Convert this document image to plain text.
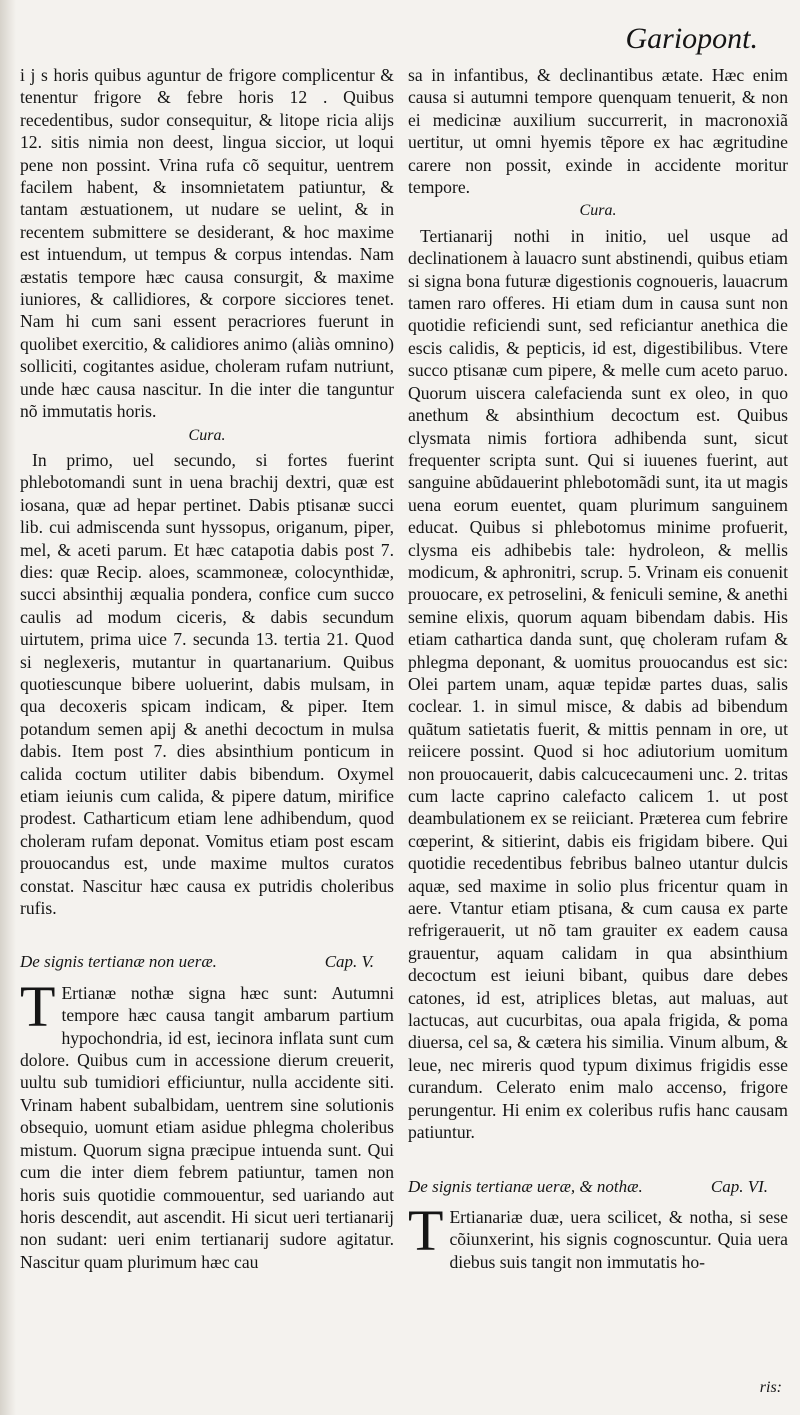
Gariopont.

i j s horis quibus aguntur de frigore complicentur & tenentur frigore & febre horis 12 . Quibus recedentibus, sudor consequitur, & litope ricia alijs 12. sitis nimia non deest, lingua siccior, ut loqui pene non possint. Vrina rufa cõ sequitur, uentrem facilem habent, & insomnietatem patiuntur, & tantam æstuationem, ut nudare se uelint, & in recentem submittere se desiderant, & hoc maxime est intuendum, ut tempus & corpus intendas. Nam æstatis tempore hæc causa consurgit, & maxime iuniores, & callidiores, & corpore sicciores tenet. Nam hi cum sani essent peracriores fuerunt in quolibet exercitio, & calidiores animo (aliàs omnino) solliciti, cogitantes asidue, choleram rufam nutriunt, unde hæc causa nascitur. In die inter die tanguntur nõ immutatis horis.

Cura.

In primo, uel secundo, si fortes fuerint phlebotomandi sunt in uena brachij dextri, quæ est iosana, quæ ad hepar pertinet. Dabis ptisanæ succi lib. cui admiscenda sunt hyssopus, origanum, piper, mel, & aceti parum. Et hæc catapotia dabis post 7. dies: quæ Recip. aloes, scammoneæ, colocynthidæ, succi absinthij æqualia pondera, confice cum succo caulis ad modum ciceris, & dabis secundum uirtutem, prima uice 7. secunda 13. tertia 21. Quod si neglexeris, mutantur in quartanarium. Quibus quotiescunque bibere uoluerint, dabis mulsam, in qua decoxeris spicam indicam, & piper. Item potandum semen apij & anethi decoctum in mulsa dabis. Item post 7. dies absinthium ponticum in calida coctum utiliter dabis bibendum. Oxymel etiam ieiunis cum calida, & pipere datum, mirifice prodest. Catharticum etiam lene adhibendum, quod choleram rufam deponat. Vomitus etiam post escam prouocandus est, unde maxime multos curatos constat. Nascitur hæc causa ex putridis choleribus rufis.

De signis tertianæ non ueræ.	Cap. V.
T Ertianæ nothæ signa hæc sunt: Autumni tempore hæc causa tangit ambarum partium hypochondria, id est, iecinora inflata sunt cum dolore. Quibus cum in accessione dierum creuerit, uultu sub tumidiori efficiuntur, nulla accidente siti. Vrinam habent subalbidam, uentrem sine solutionis obsequio, uomunt etiam asidue phlegma choleribus mistum. Quorum signa præcipue intuenda sunt. Qui cum die inter diem febrem patiuntur, tamen non horis suis quotidie commouentur, sed uariando aut horis descendit, aut ascendit. Hi sicut ueri tertianarij non sudant: ueri enim tertianarij sudore agitatur. Nascitur quam plurimum hæc cau

sa in infantibus, & declinantibus ætate. Hæc enim causa si autumni tempore quenquam tenuerit, & non ei medicinæ auxilium succurrerit, in macronoxiã uertitur, ut omni hyemis tẽpore ex hac ægritudine carere non possit, exinde in accidente moritur tempore.

Cura.

Tertianarij nothi in initio, uel usque ad declinationem à lauacro sunt abstinendi, quibus etiam si signa bona futuræ digestionis cognoueris, lauacrum tamen raro offeres. Hi etiam dum in causa sunt non quotidie reficiendi sunt, sed reficiantur anethica die escis calidis, & pepticis, id est, digestibilibus. Vtere succo ptisanæ cum pipere, & melle cum aceto paruo. Quorum uiscera calefacienda sunt ex oleo, in quo anethum & absinthium decoctum est. Quibus clysmata nimis fortiora adhibenda sunt, sicut frequenter scripta sunt. Qui si iuuenes fuerint, aut sanguine abũdauerint phlebotomãdi sunt, ita ut magis uena eorum euentet, quam plurimum sanguinem educat. Quibus si phlebotomus minime profuerit, clysma eis adhibebis tale: hydroleon, & mellis modicum, & aphronitri, scrup. 5. Vrinam eis conuenit prouocare, ex petroselini, & feniculi semine, & anethi semine elixis, quorum aquam bibendam dabis. His etiam cathartica danda sunt, quę choleram rufam & phlegma deponant, & uomitus prouocandus est sic: Olei partem unam, aquæ tepidæ partes duas, salis coclear. 1. in simul misce, & dabis ad bibendum quãtum satietatis fuerit, & mittis pennam in ore, ut reiicere possint. Quod si hoc adiutorium uomitum non prouocauerit, dabis calcucecaumeni unc. 2. tritas cum lacte caprino calefacto calicem 1. ut post deambulationem ex se reiiciant. Præterea cum febrire cœperint, & sitierint, dabis eis frigidam bibere. Qui quotidie recedentibus febribus balneo utantur dulcis aquæ, sed maxime in solio plus fricentur quam in aere. Vtantur etiam ptisana, & cum causa ex parte refrigerauerit, ut nõ tam grauiter ex eadem causa grauentur, aquam calidam in qua absinthium decoctum est ieiuni bibant, quibus dare debes catones, id est, atriplices bletas, aut maluas, aut lactucas, aut cucurbitas, oua apala frigida, & poma diuersa, cel sa, & cætera his similia. Vinum album, & leue, nec mireris quod typum diximus frigidis esse curandum. Celerato enim malo accenso, frigore perungentur. Hi enim ex coleribus rufis hanc causam patiuntur.

De signis tertianæ ueræ, & nothæ.	Cap. VI.
T Ertianariæ duæ, uera scilicet, & notha, si sese cõiunxerint, his signis cognoscuntur. Quia uera diebus suis tangit non immutatis ho-

ris:
